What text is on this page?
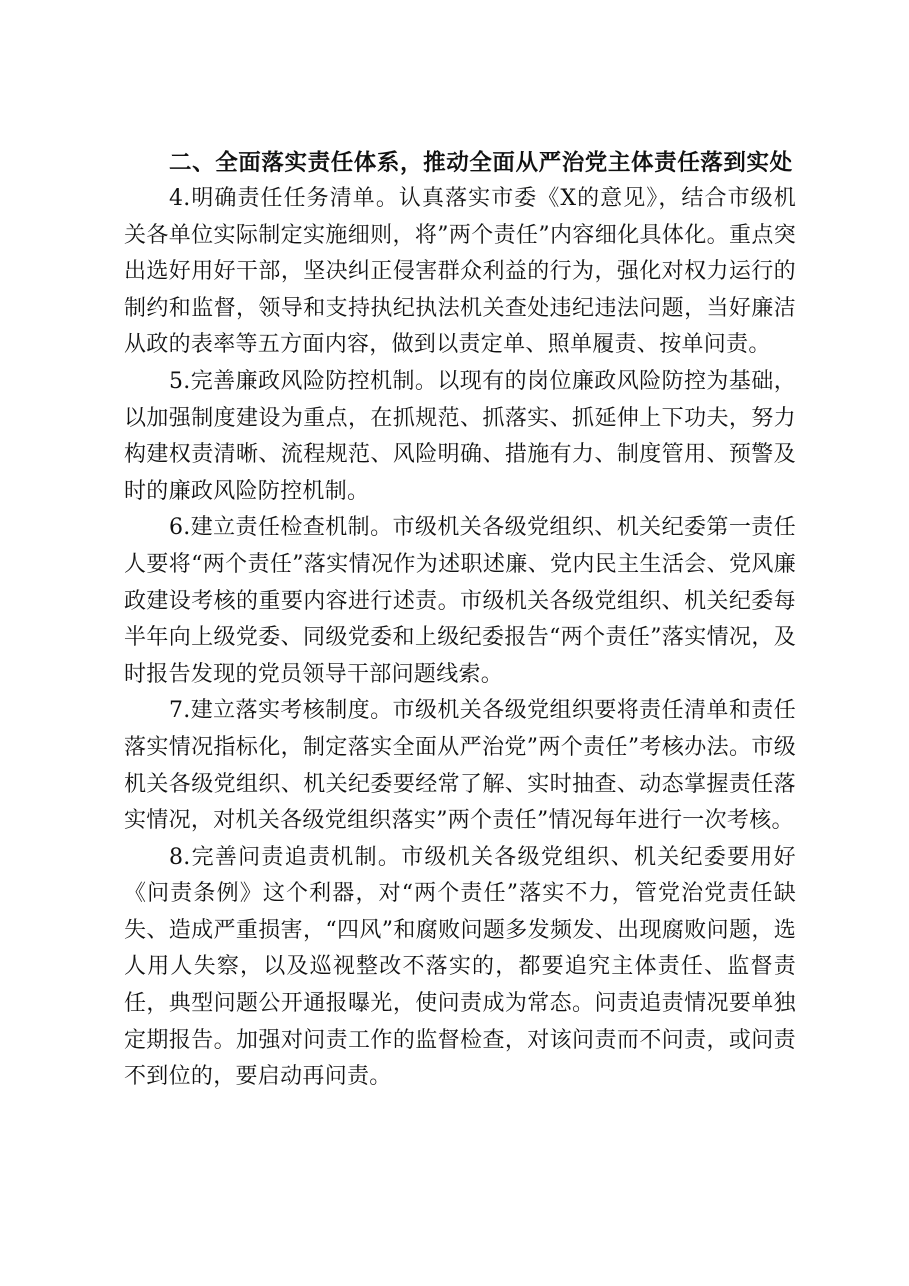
二、全面落实责任体系，推动全面从严治党主体责任落到实处

4.明确责任任务清单。认真落实市委《X的意见》，结合市级机关各单位实际制定实施细则，将”两个责任”内容细化具体化。重点突出选好用好干部，坚决纠正侵害群众利益的行为，强化对权力运行的制约和监督，领导和支持执纪执法机关查处违纪违法问题，当好廉洁从政的表率等五方面内容，做到以责定单、照单履责、按单问责。

5.完善廉政风险防控机制。以现有的岗位廉政风险防控为基础，以加强制度建设为重点，在抓规范、抓落实、抓延伸上下功夫，努力构建权责清晰、流程规范、风险明确、措施有力、制度管用、预警及时的廉政风险防控机制。

6.建立责任检查机制。市级机关各级党组织、机关纪委第一责任人要将“两个责任”落实情况作为述职述廉、党内民主生活会、党风廉政建设考核的重要内容进行述责。市级机关各级党组织、机关纪委每半年向上级党委、同级党委和上级纪委报告“两个责任”落实情况，及时报告发现的党员领导干部问题线索。

7.建立落实考核制度。市级机关各级党组织要将责任清单和责任落实情况指标化，制定落实全面从严治党”两个责任”考核办法。市级机关各级党组织、机关纪委要经常了解、实时抽查、动态掌握责任落实情况，对机关各级党组织落实”两个责任”情况每年进行一次考核。

8.完善问责追责机制。市级机关各级党组织、机关纪委要用好《问责条例》这个利器，对“两个责任”落实不力，管党治党责任缺失、造成严重损害，“四风”和腐败问题多发频发、出现腐败问题，选人用人失察，以及巡视整改不落实的，都要追究主体责任、监督责任，典型问题公开通报曝光，使问责成为常态。问责追责情况要单独定期报告。加强对问责工作的监督检查，对该问责而不问责，或问责不到位的，要启动再问责。
